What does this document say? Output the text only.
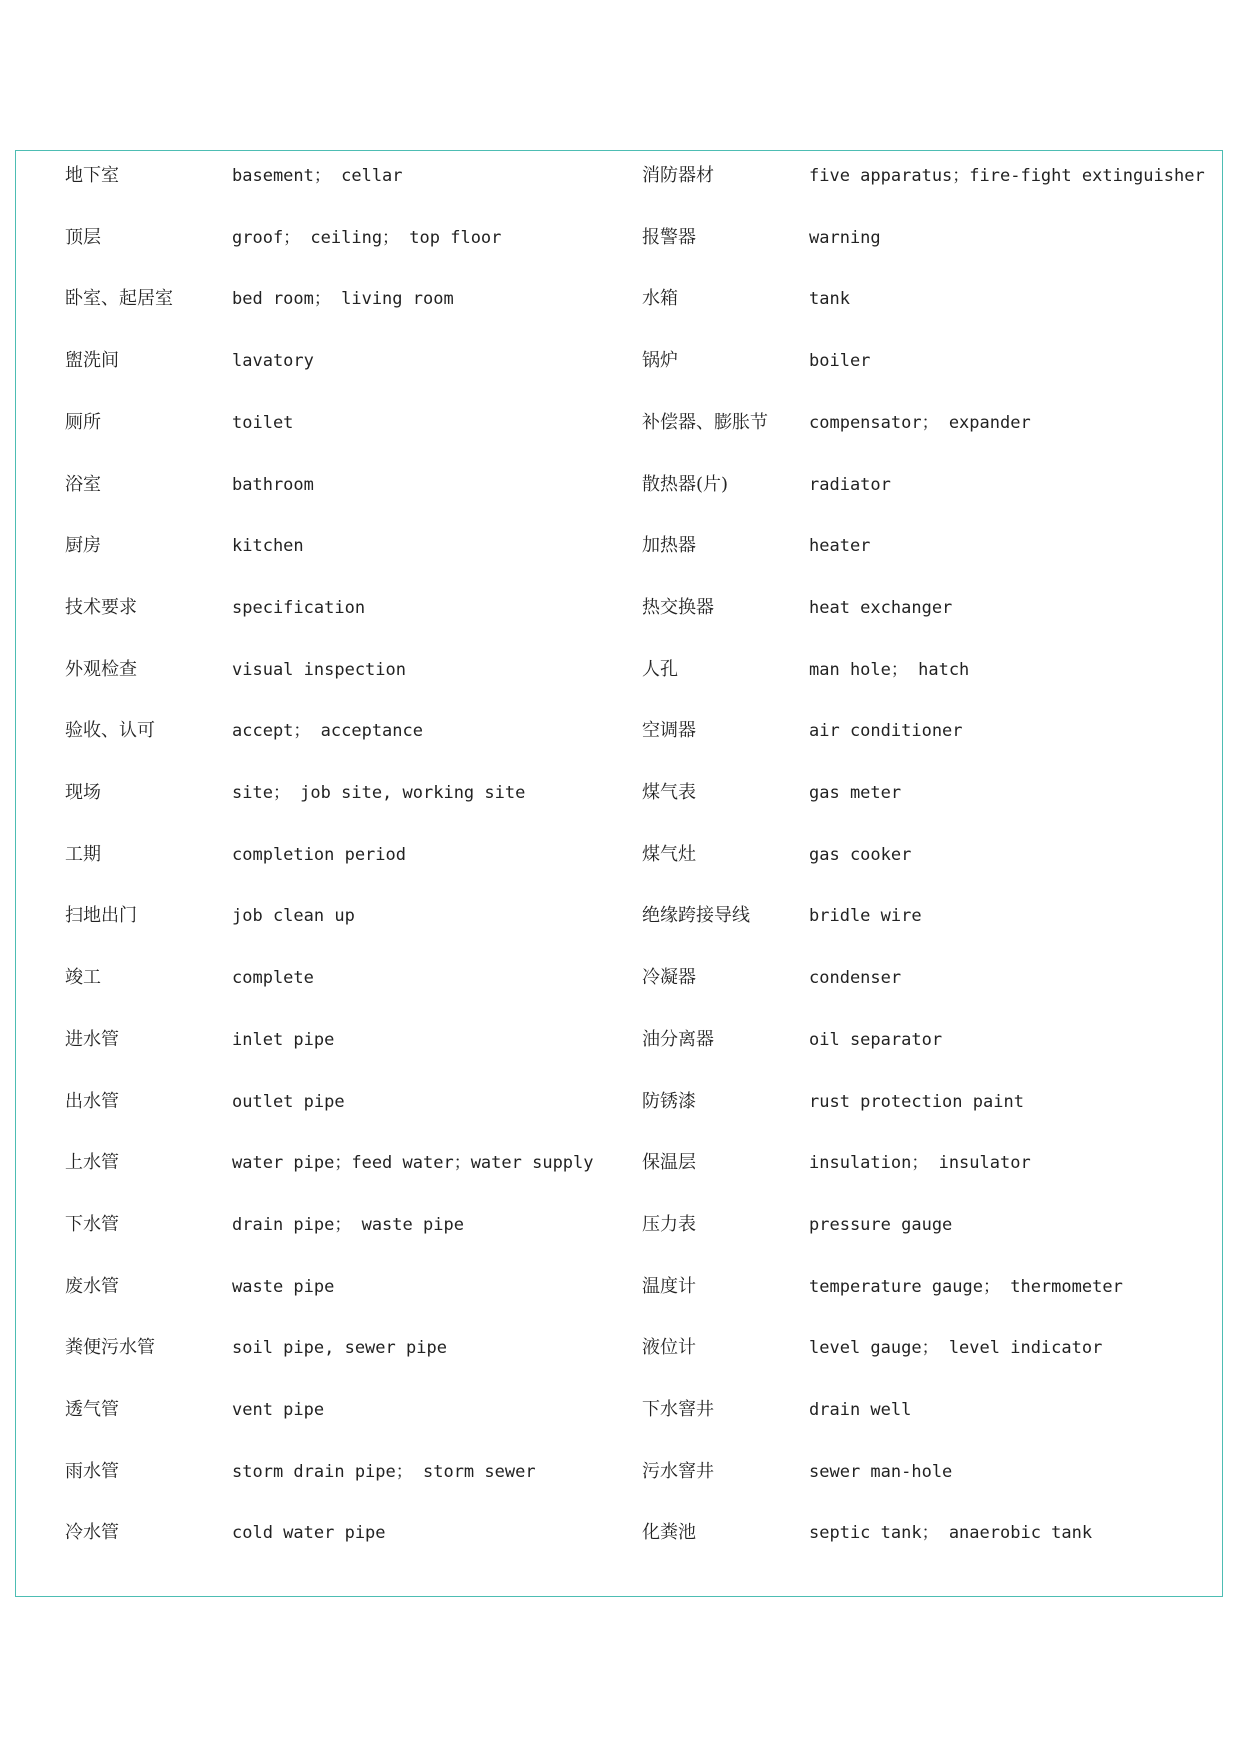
地下室	basement； cellar	消防器材	five apparatus；fire-fight extinguisher
顶层	groof； ceiling； top floor	报警器	warning
卧室、起居室	bed room； living room	水箱	tank
盥洗间	lavatory	锅炉	boiler
厕所	toilet	补偿器、膨胀节 compensator； expander
浴室	bathroom	散热器(片)	radiator
厨房	kitchen	加热器	heater
技术要求	specification	热交换器	heat exchanger
外观检查	visual inspection	人孔	man hole； hatch
验收、认可	accept； acceptance	空调器	air conditioner
现场	site； job site, working site	煤气表	gas meter
工期	completion period	煤气灶	gas cooker
扫地出门	job clean up	绝缘跨接导线	bridle wire
竣工	complete	冷凝器	condenser
进水管	inlet pipe	油分离器	oil separator
出水管	outlet pipe	防锈漆	rust protection paint
上水管	water pipe；feed water；water supply	保温层	insulation； insulator
下水管	drain pipe； waste pipe	压力表	pressure gauge
废水管	waste pipe	温度计	temperature gauge； thermometer
粪便污水管	soil pipe, sewer pipe	液位计	level gauge； level indicator
透气管	vent pipe	下水窨井	drain well
雨水管	storm drain pipe； storm sewer	污水窨井	sewer man-hole
冷水管	cold water pipe	化粪池	septic tank； anaerobic tank
